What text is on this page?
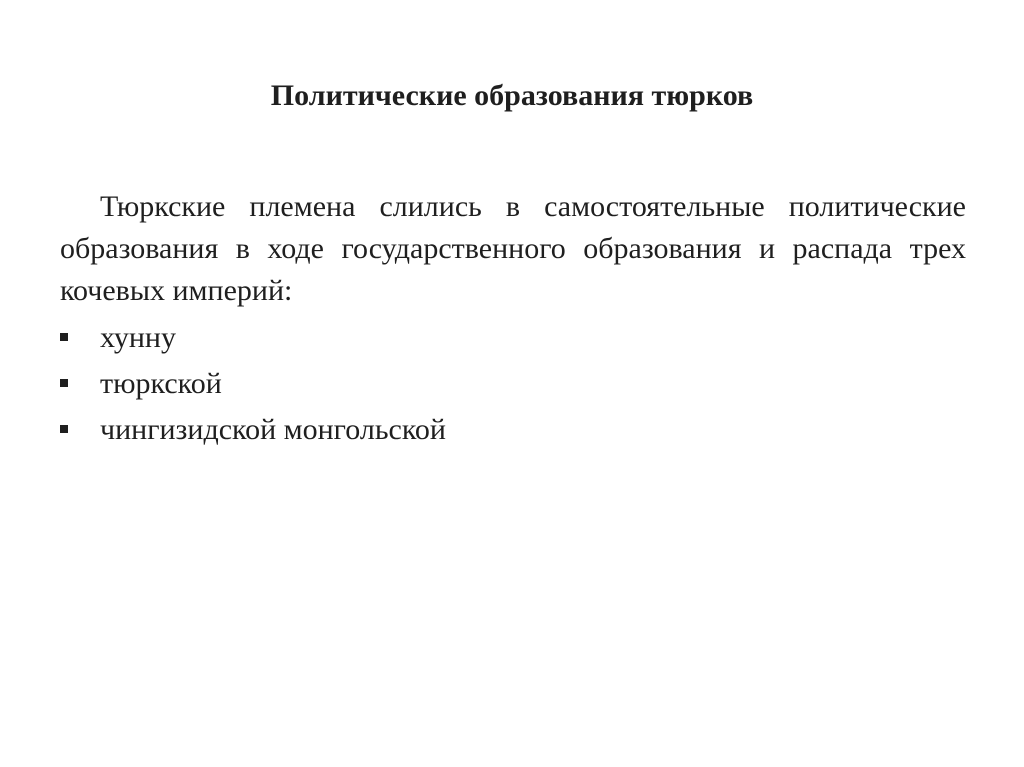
Политические образования тюрков

Тюркские племена слились в самостоятельные политические образования в ходе государственного образования и распада трех кочевых империй:

хунну
тюркской
чингизидской монгольской
